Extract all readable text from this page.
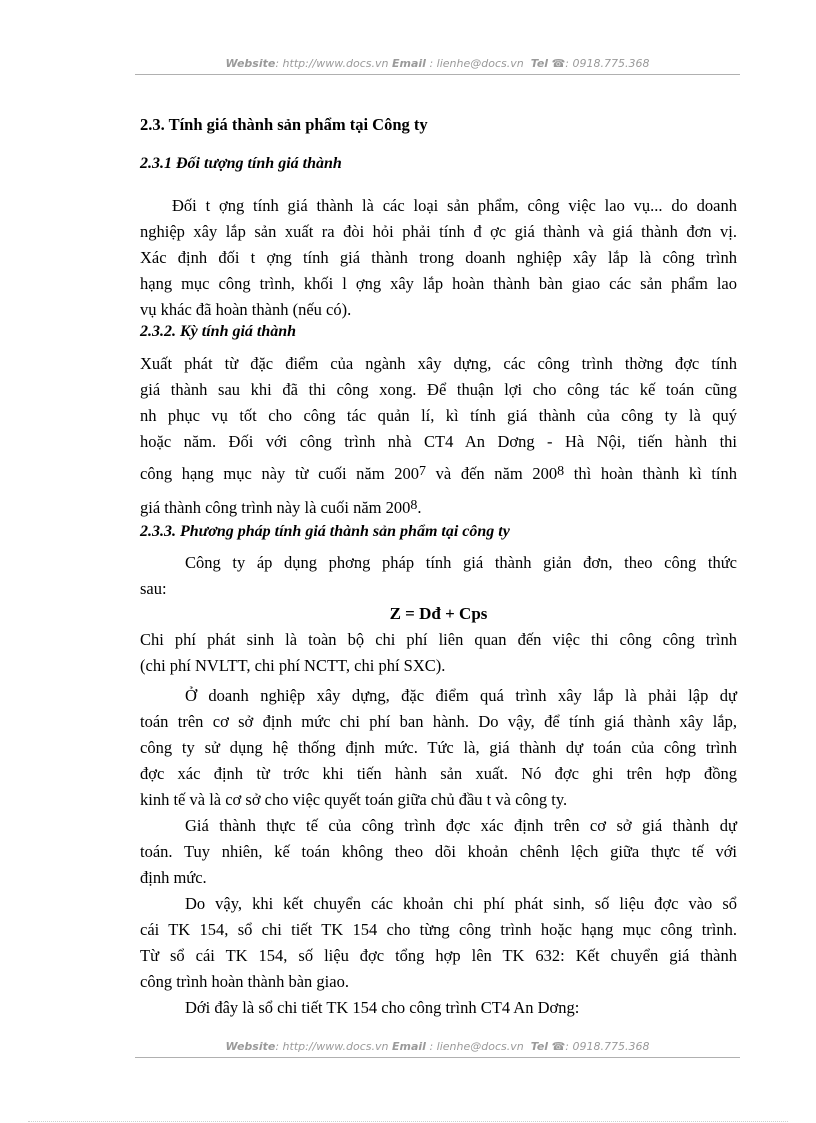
Website: http://www.docs.vn Email : lienhe@docs.vn Tel ☎: 0918.775.368
2.3. Tính giá thành sản phẩm tại Công ty
2.3.1 Đối tượng tính giá thành
Đối t ợng tính giá thành là các loại sản phẩm, công việc lao vụ... do doanh
nghiệp xây lắp sản xuất ra đòi hỏi phải tính đ ợc giá thành và giá thành đơn vị.
Xác định đối t ợng tính giá thành trong doanh nghiệp xây lắp là công trình
hạng mục công trình, khối l ợng xây lắp hoàn thành bàn giao các sản phẩm lao
vụ khác đã hoàn thành (nếu có).
2.3.2. Kỳ tính giá thành
Xuất phát từ đặc điểm của ngành xây dựng, các công trình thờng đợc tính
giá thành sau khi đã thi công xong. Để thuận lợi cho công tác kế toán cũng
nh phục vụ tốt cho công tác quản lí, kì tính giá thành của công ty là quý
hoặc năm. Đối với công trình nhà CT4 An Dơng - Hà Nội, tiến hành thi
công hạng mục này từ cuối năm $200^7$ và đến năm $200^8$ thì hoàn thành kì tính
giá thành công trình này là cuối năm $200^8$.
2.3.3. Phương pháp tính giá thành sản phẩm tại công ty
Công ty áp dụng phơng pháp tính giá thành giản đơn, theo công thức
sau:
Z = Dđ + Cps
Chi phí phát sinh là toàn bộ chi phí liên quan đến việc thi công công trình
(chi phí NVLTT, chi phí NCTT, chi phí SXC).
Ở doanh nghiệp xây dựng, đặc điểm quá trình xây lắp là phải lập dự
toán trên cơ sở định mức chi phí ban hành. Do vậy, để tính giá thành xây lắp,
công ty sử dụng hệ thống định mức. Tức là, giá thành dự toán của công trình
đợc xác định từ trớc khi tiến hành sản xuất. Nó đợc ghi trên hợp đồng
kinh tế và là cơ sở cho việc quyết toán giữa chủ đầu t và công ty.
Giá thành thực tế của công trình đợc xác định trên cơ sở giá thành dự
toán. Tuy nhiên, kế toán không theo dõi khoản chênh lệch giữa thực tế với
định mức.
Do vậy, khi kết chuyển các khoản chi phí phát sinh, số liệu đợc vào sổ
cái TK 154, sổ chi tiết TK 154 cho từng công trình hoặc hạng mục công trình.
Từ sổ cái TK 154, số liệu đợc tổng hợp lên TK 632: Kết chuyển giá thành
công trình hoàn thành bàn giao.
Dới đây là sổ chi tiết TK 154 cho công trình CT4 An Dơng:
Website: http://www.docs.vn Email : lienhe@docs.vn Tel ☎: 0918.775.368
